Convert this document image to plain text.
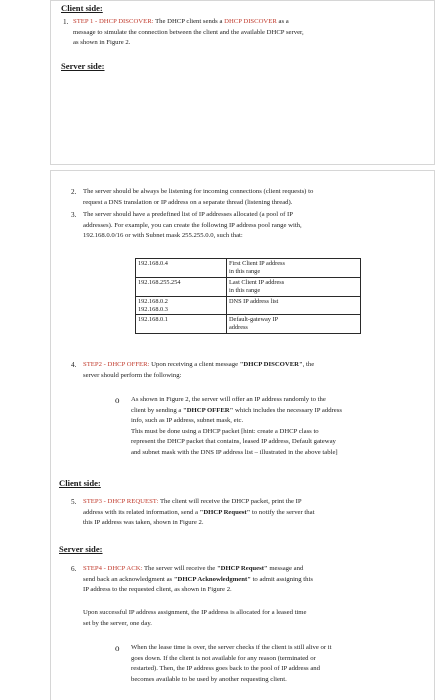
Client side:
1. STEP 1 - DHCP DISCOVER: The DHCP client sends a DHCP DISCOVER as a
message to simulate the connection between the client and the available DHCP server,
as shown in Figure 2.
Server side:
2. The server should be always be listening for incoming connections (client requests) to
request a DNS translation or IP address on a separate thread (listening thread).
3. The server should have a predefined list of IP addresses allocated (a pool of IP
addresses). For example, you can create the following IP address pool range with,
192.168.0.0/16 or with Subnet mask 255.255.0.0, such that:
192.168.0.4	First Client IP address
in this range

192.168.255.254	Last Client IP address
in this range

192.168.0.2
192.168.0.3	DNS IP address list

192.168.0.1	Default-gateway IP
address
4. STEP2 - DHCP OFFER: Upon receiving a client message "DHCP DISCOVER", the
server should perform the following:
o As shown in Figure 2, the server will offer an IP address randomly to the
client by sending a "DHCP OFFER" which includes the necessary IP address
info, such as IP address, subnet mask, etc.
This must be done using a DHCP packet [hint: create a DHCP class to
represent the DHCP packet that contains, leased IP address, Default gateway
and subnet mask with the DNS IP address list – illustrated in the above table]
Client side:
5. STEP3 - DHCP REQUEST: The client will receive the DHCP packet, print the IP
address with its related information, send a "DHCP Request" to notify the server that
this IP address was taken, shown in Figure 2.
Server side:
6. STEP4 - DHCP ACK: The server will receive the "DHCP Request" message and
send back an acknowledgment as "DHCP Acknowledgment" to admit assigning this
IP address to the requested client, as shown in Figure 2.
Upon successful IP address assignment, the IP address is allocated for a leased time
set by the server, one day.
o When the lease time is over, the server checks if the client is still alive or it
goes down. If the client is not available for any reason (terminated or
restarted). Then, the IP address goes back to the pool of IP address and
becomes available to be used by another requesting client.
